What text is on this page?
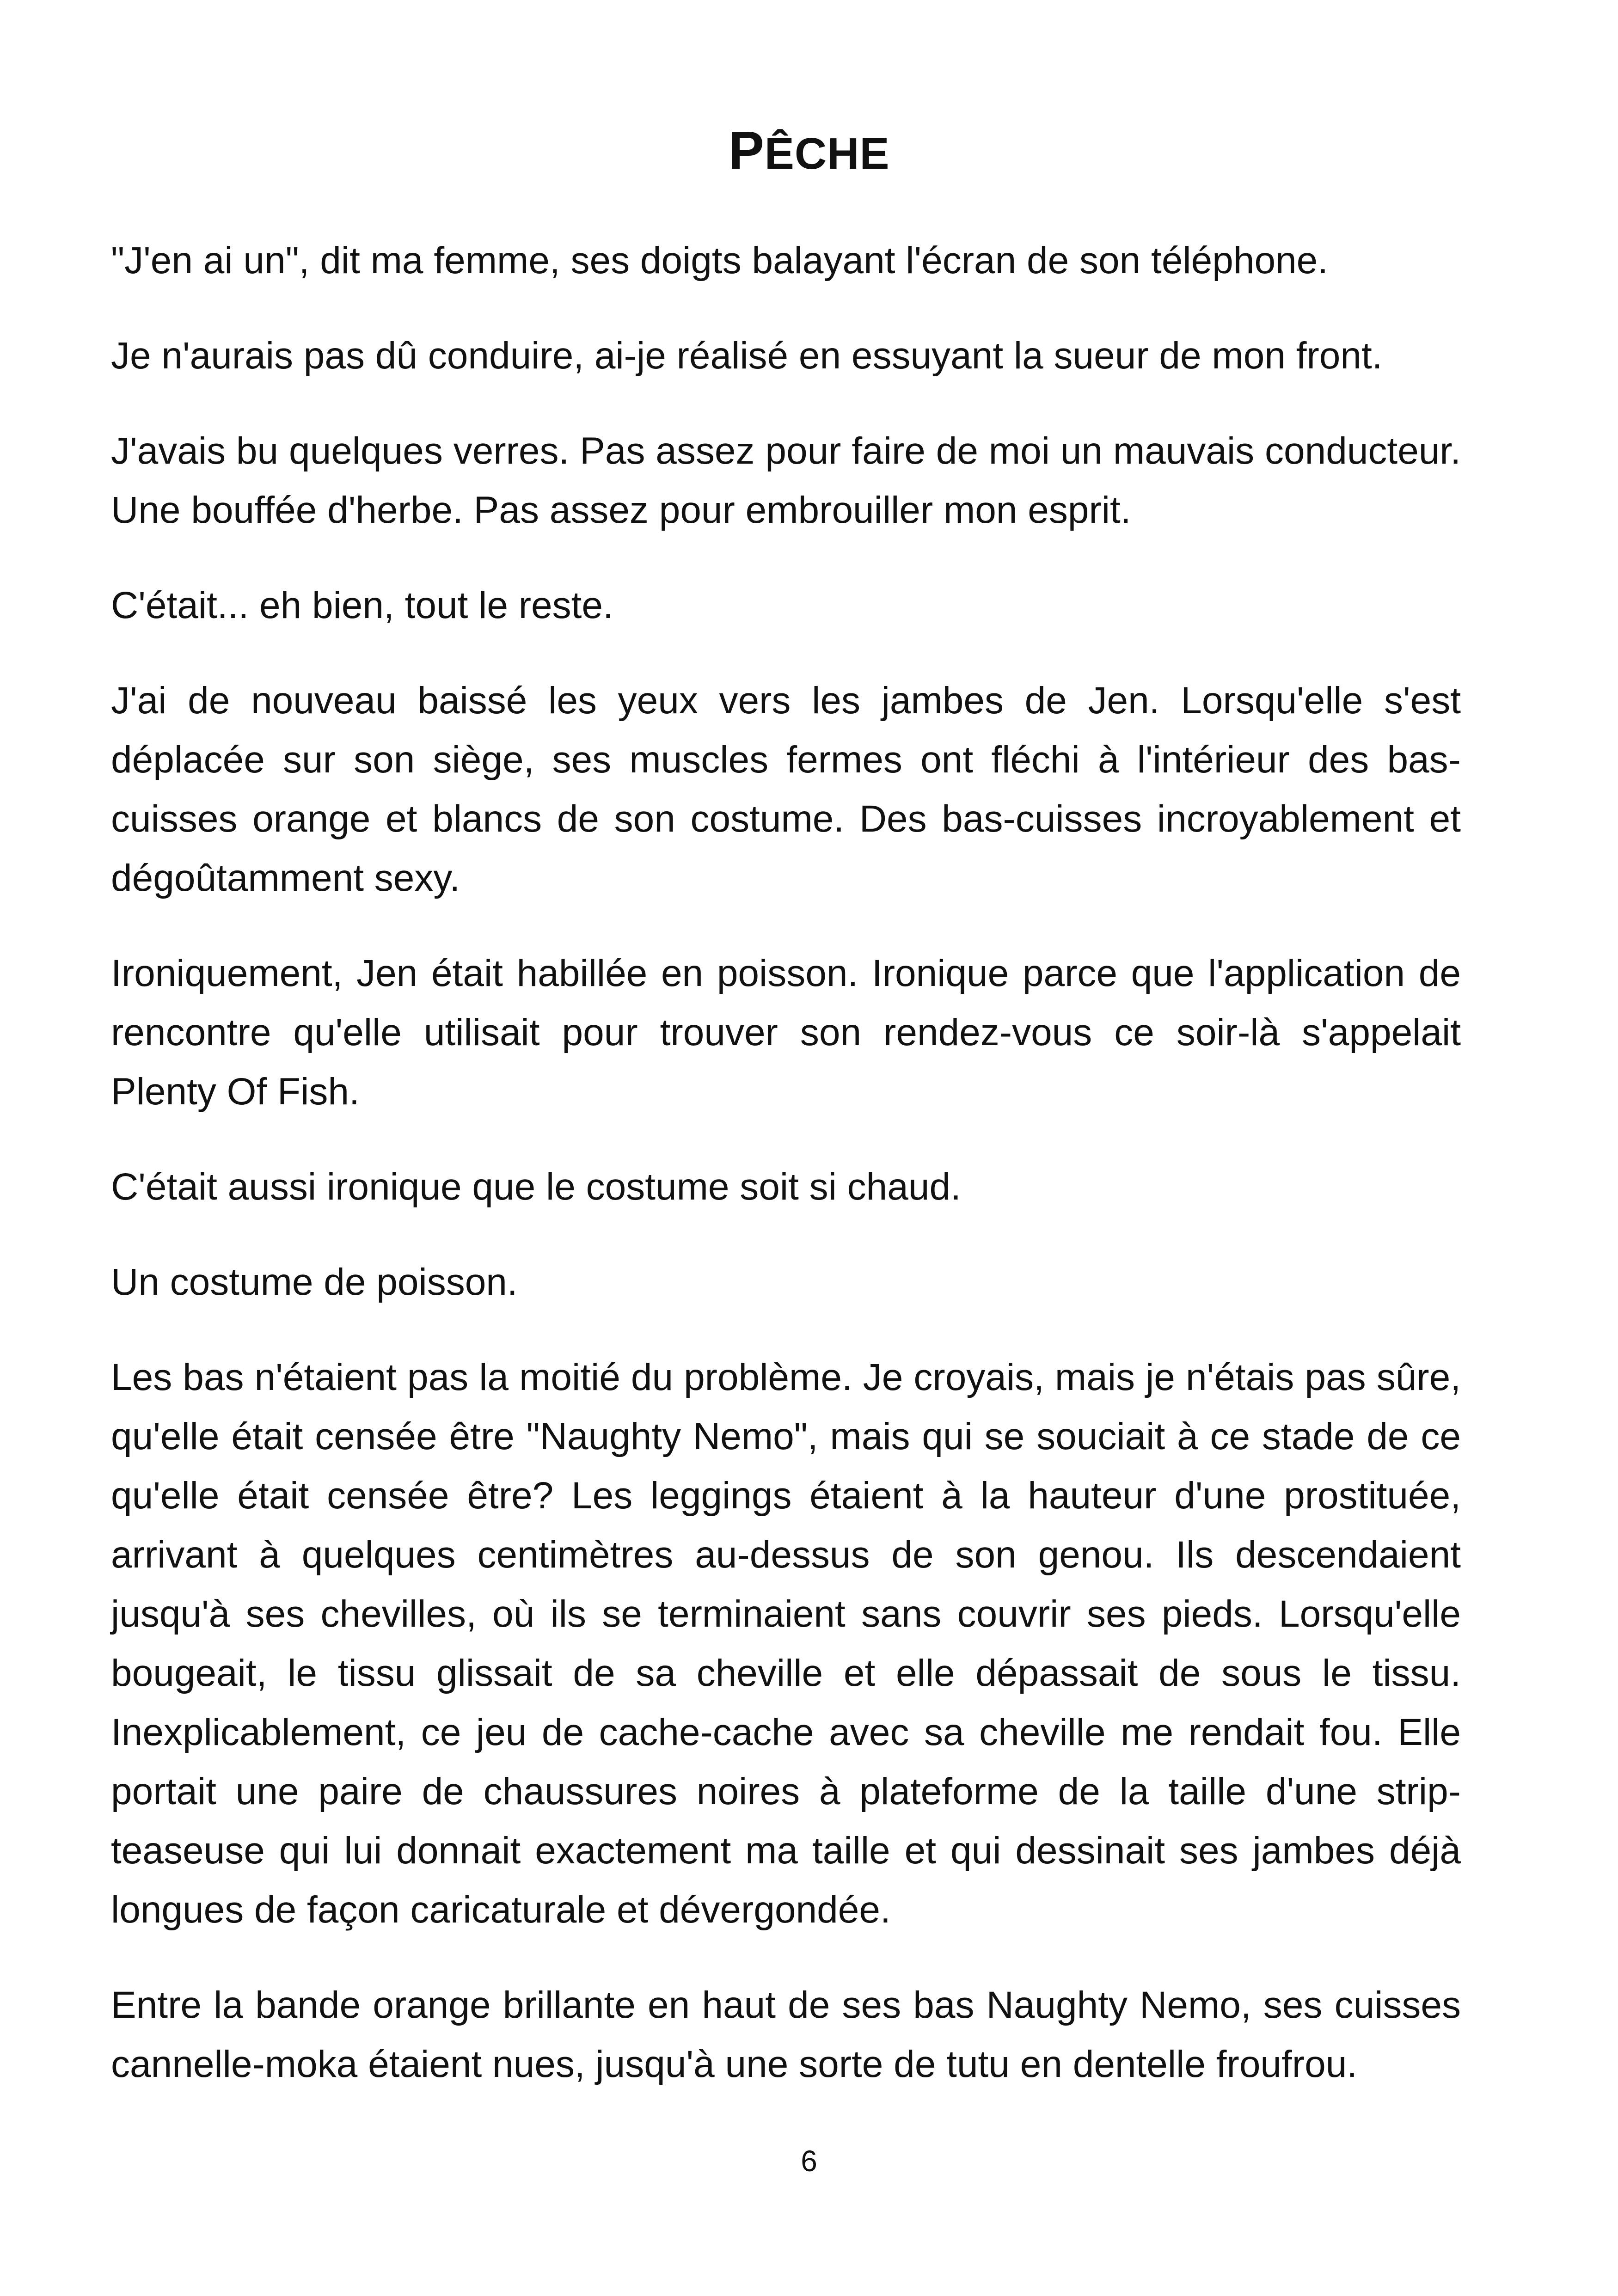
PÊCHE

"J'en ai un", dit ma femme, ses doigts balayant l'écran de son téléphone.

Je n'aurais pas dû conduire, ai-je réalisé en essuyant la sueur de mon front.

J'avais bu quelques verres. Pas assez pour faire de moi un mauvais conducteur. Une bouffée d'herbe. Pas assez pour embrouiller mon esprit.

C'était... eh bien, tout le reste.

J'ai de nouveau baissé les yeux vers les jambes de Jen. Lorsqu'elle s'est déplacée sur son siège, ses muscles fermes ont fléchi à l'intérieur des bas-cuisses orange et blancs de son costume. Des bas-cuisses incroyablement et dégoûtamment sexy.

Ironiquement, Jen était habillée en poisson. Ironique parce que l'application de rencontre qu'elle utilisait pour trouver son rendez-vous ce soir-là s'appelait Plenty Of Fish.

C'était aussi ironique que le costume soit si chaud.

Un costume de poisson.

Les bas n'étaient pas la moitié du problème. Je croyais, mais je n'étais pas sûre, qu'elle était censée être "Naughty Nemo", mais qui se souciait à ce stade de ce qu'elle était censée être? Les leggings étaient à la hauteur d'une prostituée, arrivant à quelques centimètres au-dessus de son genou. Ils descendaient jusqu'à ses chevilles, où ils se terminaient sans couvrir ses pieds. Lorsqu'elle bougeait, le tissu glissait de sa cheville et elle dépassait de sous le tissu. Inexplicablement, ce jeu de cache-cache avec sa cheville me rendait fou. Elle portait une paire de chaussures noires à plateforme de la taille d'une strip-teaseuse qui lui donnait exactement ma taille et qui dessinait ses jambes déjà longues de façon caricaturale et dévergondée.

Entre la bande orange brillante en haut de ses bas Naughty Nemo, ses cuisses cannelle-moka étaient nues, jusqu'à une sorte de tutu en dentelle froufrou.

6
